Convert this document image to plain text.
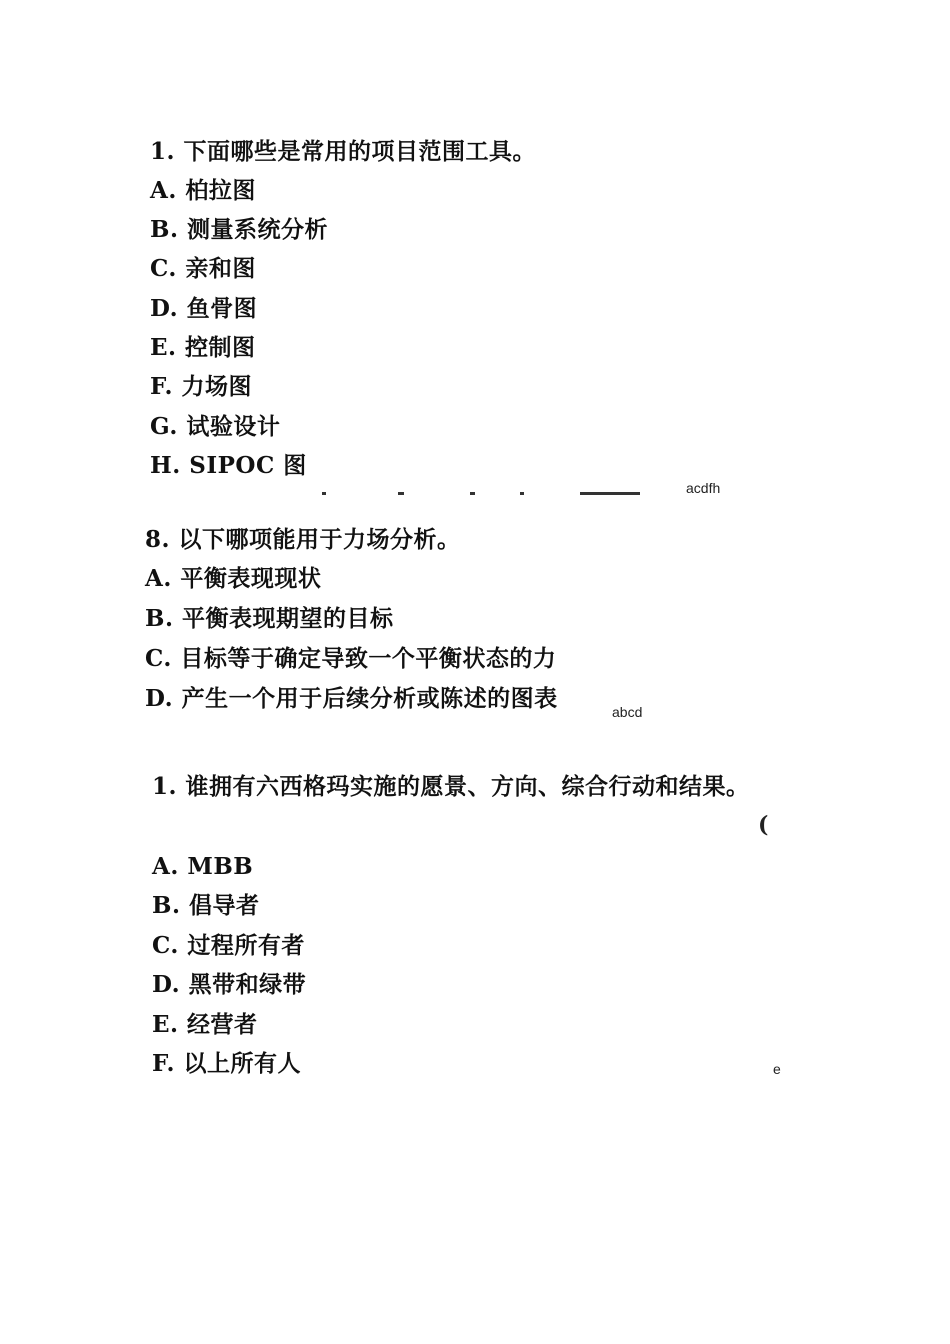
1. 下面哪些是常用的项目范围工具。
A. 柏拉图
B. 测量系统分析
C. 亲和图
D. 鱼骨图
E. 控制图
F. 力场图
G. 试验设计
H. SIPOC 图
acdfh
8. 以下哪项能用于力场分析。
A. 平衡表现现状
B. 平衡表现期望的目标
C. 目标等于确定导致一个平衡状态的力
D. 产生一个用于后续分析或陈述的图表	abcd
1. 谁拥有六西格玛实施的愿景、方向、综合行动和结果。
(
A. MBB
B. 倡导者
C. 过程所有者
D. 黑带和绿带
E. 经营者
F. 以上所有人	e
